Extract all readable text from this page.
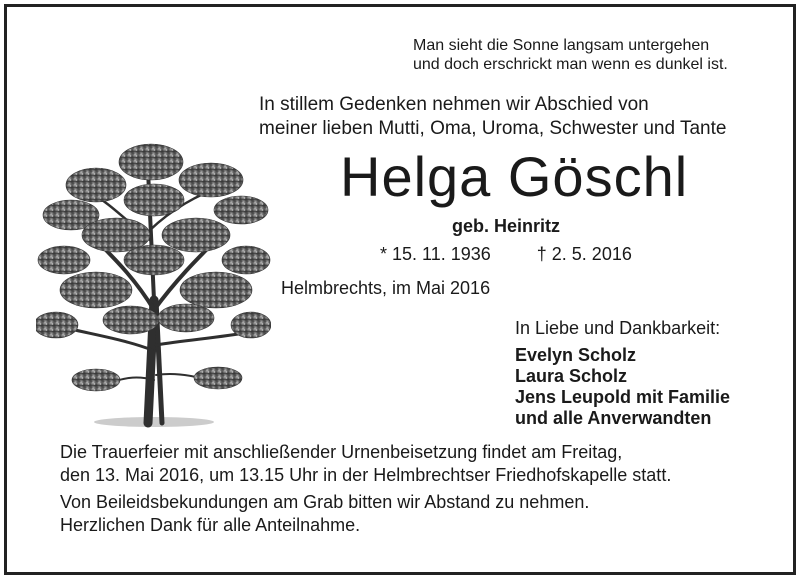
Man sieht die Sonne langsam untergehen
und doch erschrickt man wenn es dunkel ist.
In stillem Gedenken nehmen wir Abschied von
meiner lieben Mutti, Oma, Uroma, Schwester und Tante
Helga Göschl
geb. Heinritz
* 15. 11. 1936	† 2. 5. 2016
Helmbrechts, im Mai 2016
In Liebe und Dankbarkeit:
Evelyn Scholz
Laura Scholz
Jens Leupold mit Familie
und alle Anverwandten
Die Trauerfeier mit anschließender Urnenbeisetzung findet am Freitag,
den 13. Mai 2016, um 13.15 Uhr in der Helmbrechtser Friedhofskapelle statt.
Von Beileidsbekundungen am Grab bitten wir Abstand zu nehmen.
Herzlichen Dank für alle Anteilnahme.
